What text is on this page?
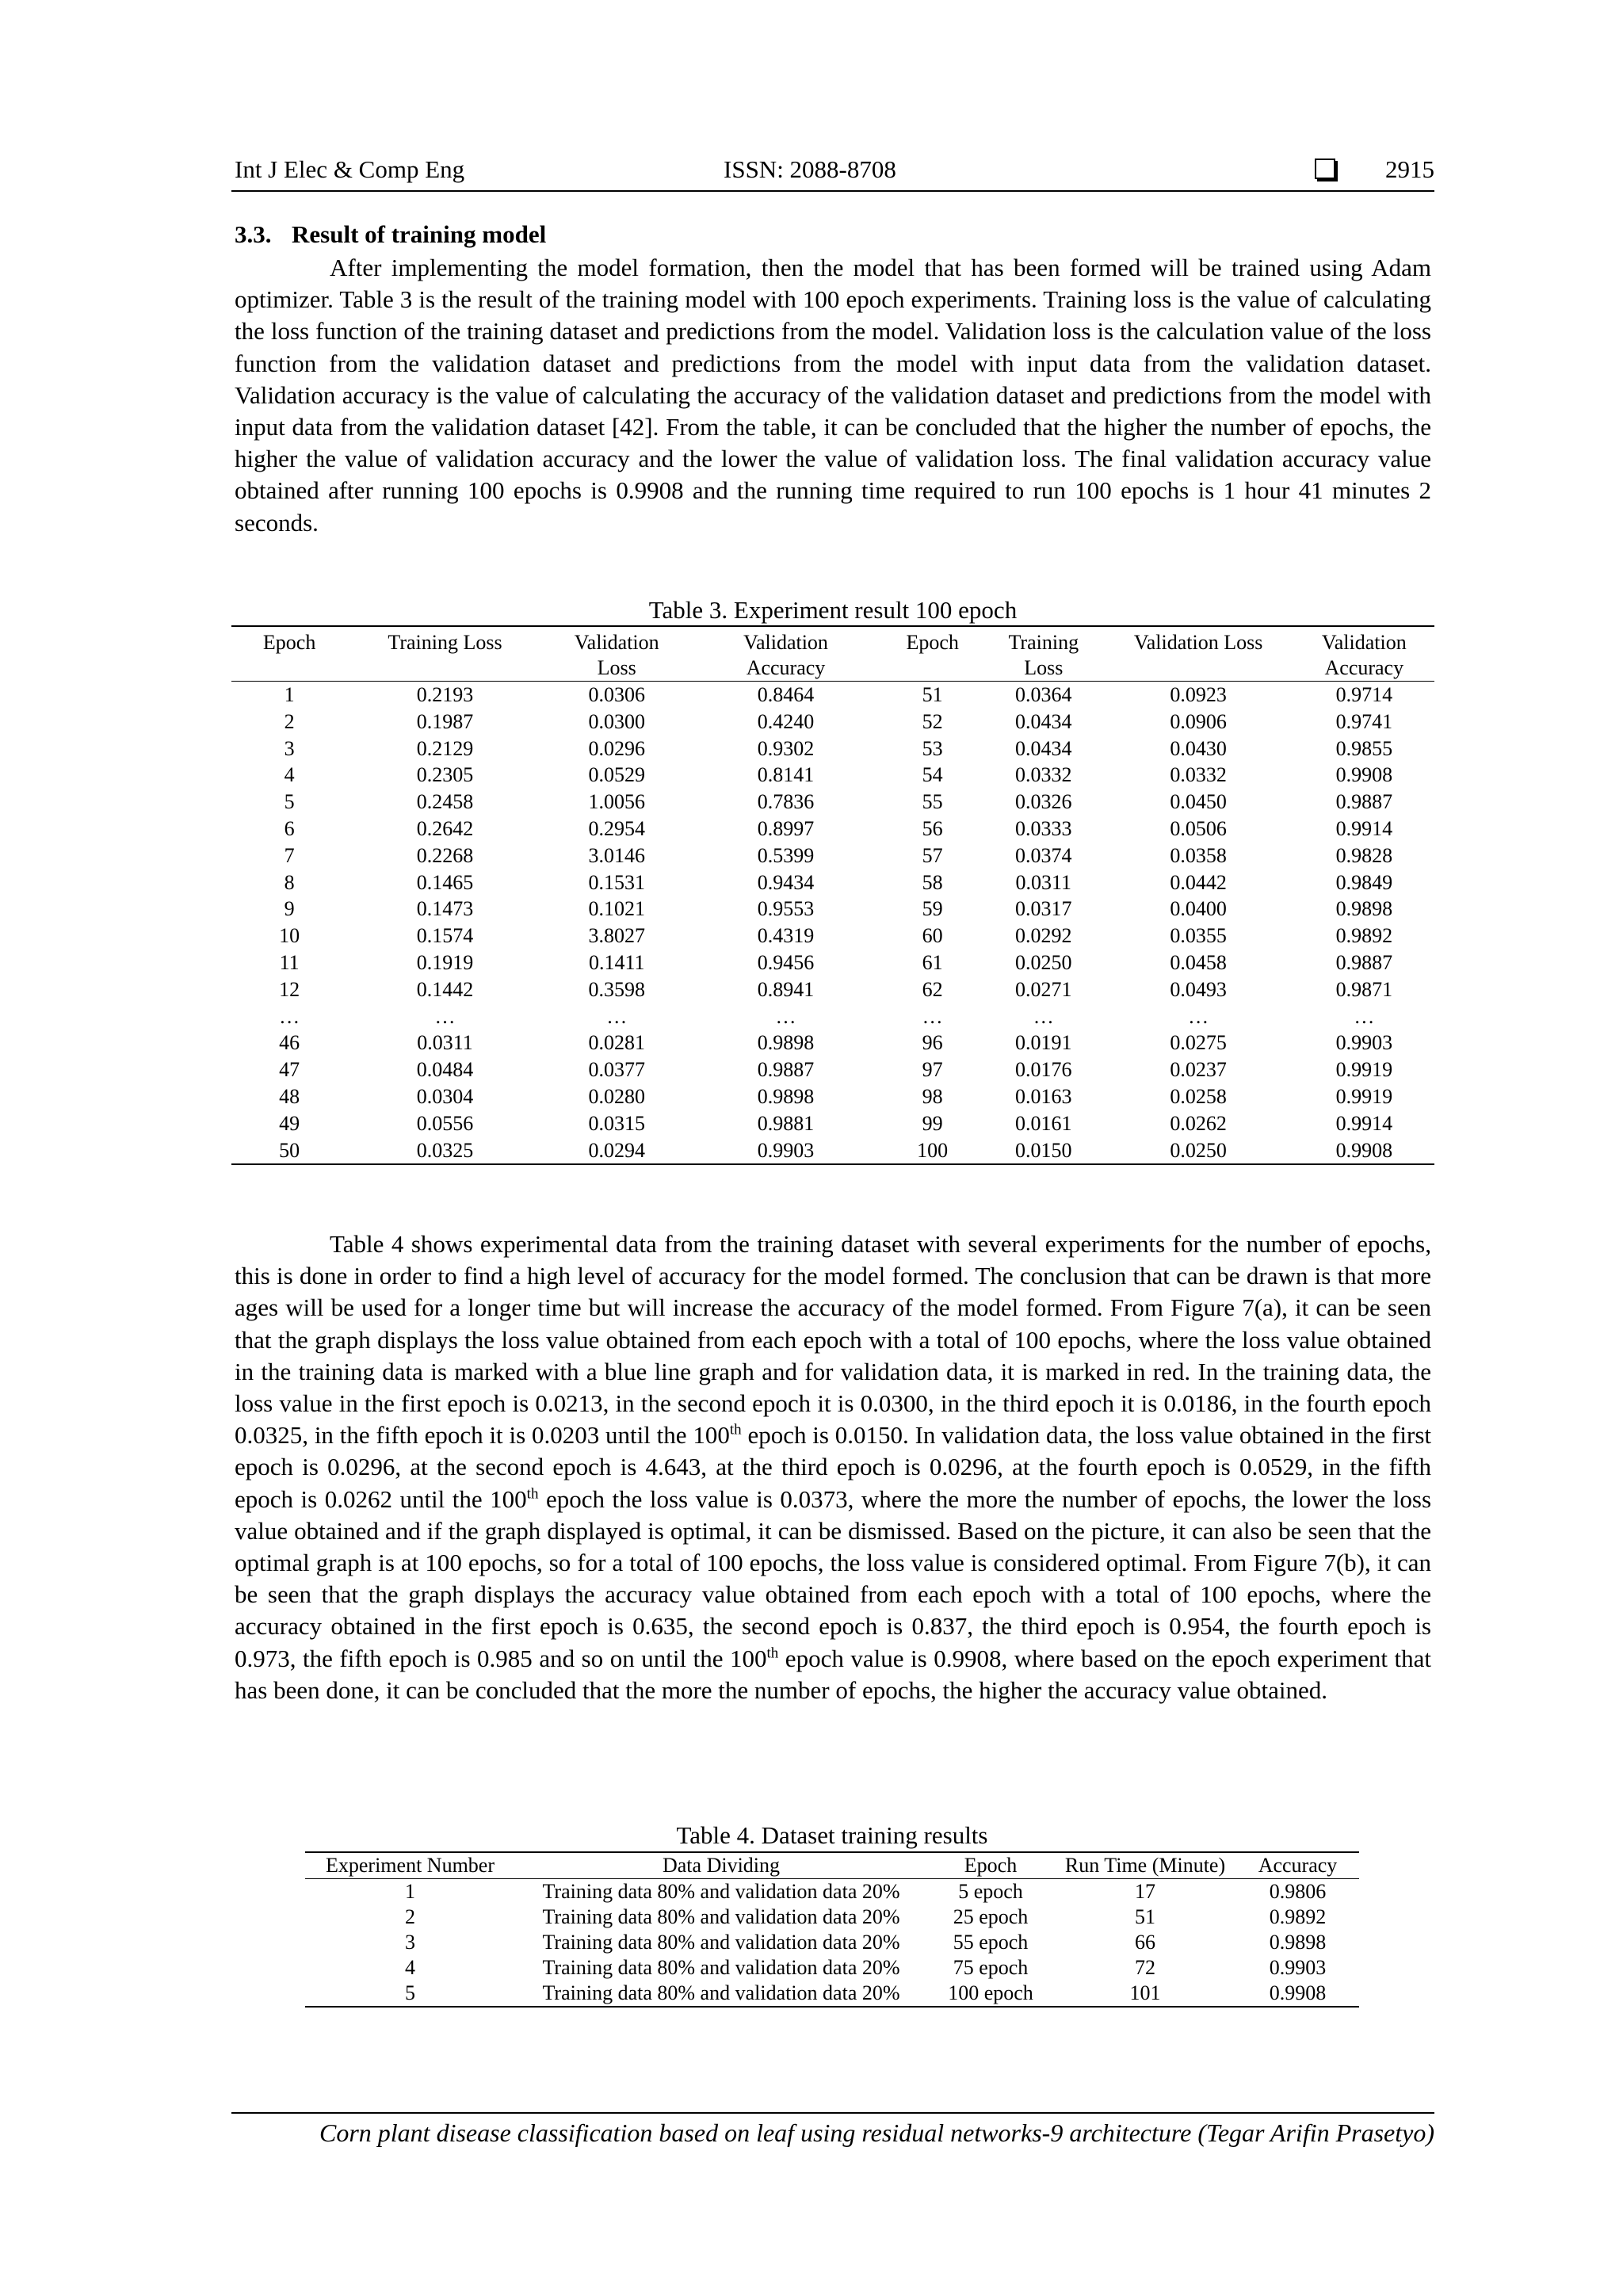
Int J Elec & Comp Eng	ISSN: 2088-8708	2915
3.3. Result of training model

After implementing the model formation, then the model that has been formed will be trained using Adam optimizer. Table 3 is the result of the training model with 100 epoch experiments. Training loss is the value of calculating the loss function of the training dataset and predictions from the model. Validation loss is the calculation value of the loss function from the validation dataset and predictions from the model with input data from the validation dataset. Validation accuracy is the value of calculating the accuracy of the validation dataset and predictions from the model with input data from the validation dataset [42]. From the table, it can be concluded that the higher the number of epochs, the higher the value of validation accuracy and the lower the value of validation loss. The final validation accuracy value obtained after running 100 epochs is 0.9908 and the running time required to run 100 epochs is 1 hour 41 minutes 2 seconds.

Table 3. Experiment result 100 epoch
Epoch	Training Loss	Validation Loss	Validation Accuracy	Epoch	Training Loss	Validation Loss	Validation Accuracy
1	0.2193	0.0306	0.8464	51	0.0364	0.0923	0.9714
2	0.1987	0.0300	0.4240	52	0.0434	0.0906	0.9741
3	0.2129	0.0296	0.9302	53	0.0434	0.0430	0.9855
4	0.2305	0.0529	0.8141	54	0.0332	0.0332	0.9908
5	0.2458	1.0056	0.7836	55	0.0326	0.0450	0.9887
6	0.2642	0.2954	0.8997	56	0.0333	0.0506	0.9914
7	0.2268	3.0146	0.5399	57	0.0374	0.0358	0.9828
8	0.1465	0.1531	0.9434	58	0.0311	0.0442	0.9849
9	0.1473	0.1021	0.9553	59	0.0317	0.0400	0.9898
10	0.1574	3.8027	0.4319	60	0.0292	0.0355	0.9892
11	0.1919	0.1411	0.9456	61	0.0250	0.0458	0.9887
12	0.1442	0.3598	0.8941	62	0.0271	0.0493	0.9871
…	…	…	…	…	…	…	…
46	0.0311	0.0281	0.9898	96	0.0191	0.0275	0.9903
47	0.0484	0.0377	0.9887	97	0.0176	0.0237	0.9919
48	0.0304	0.0280	0.9898	98	0.0163	0.0258	0.9919
49	0.0556	0.0315	0.9881	99	0.0161	0.0262	0.9914
50	0.0325	0.0294	0.9903	100	0.0150	0.0250	0.9908

Table 4 shows experimental data from the training dataset with several experiments for the number of epochs, this is done in order to find a high level of accuracy for the model formed. The conclusion that can be drawn is that more ages will be used for a longer time but will increase the accuracy of the model formed. From Figure 7(a), it can be seen that the graph displays the loss value obtained from each epoch with a total of 100 epochs, where the loss value obtained in the training data is marked with a blue line graph and for validation data, it is marked in red. In the training data, the loss value in the first epoch is 0.0213, in the second epoch it is 0.0300, in the third epoch it is 0.0186, in the fourth epoch 0.0325, in the fifth epoch it is 0.0203 until the 100th epoch is 0.0150. In validation data, the loss value obtained in the first epoch is 0.0296, at the second epoch is 4.643, at the third epoch is 0.0296, at the fourth epoch is 0.0529, in the fifth epoch is 0.0262 until the 100th epoch the loss value is 0.0373, where the more the number of epochs, the lower the loss value obtained and if the graph displayed is optimal, it can be dismissed. Based on the picture, it can also be seen that the optimal graph is at 100 epochs, so for a total of 100 epochs, the loss value is considered optimal. From Figure 7(b), it can be seen that the graph displays the accuracy value obtained from each epoch with a total of 100 epochs, where the accuracy obtained in the first epoch is 0.635, the second epoch is 0.837, the third epoch is 0.954, the fourth epoch is 0.973, the fifth epoch is 0.985 and so on until the 100th epoch value is 0.9908, where based on the epoch experiment that has been done, it can be concluded that the more the number of epochs, the higher the accuracy value obtained.

Table 4. Dataset training results
Experiment Number	Data Dividing	Epoch	Run Time (Minute)	Accuracy
1	Training data 80% and validation data 20%	5 epoch	17	0.9806
2	Training data 80% and validation data 20%	25 epoch	51	0.9892
3	Training data 80% and validation data 20%	55 epoch	66	0.9898
4	Training data 80% and validation data 20%	75 epoch	72	0.9903
5	Training data 80% and validation data 20%	100 epoch	101	0.9908
Corn plant disease classification based on leaf using residual networks-9 architecture (Tegar Arifin Prasetyo)
